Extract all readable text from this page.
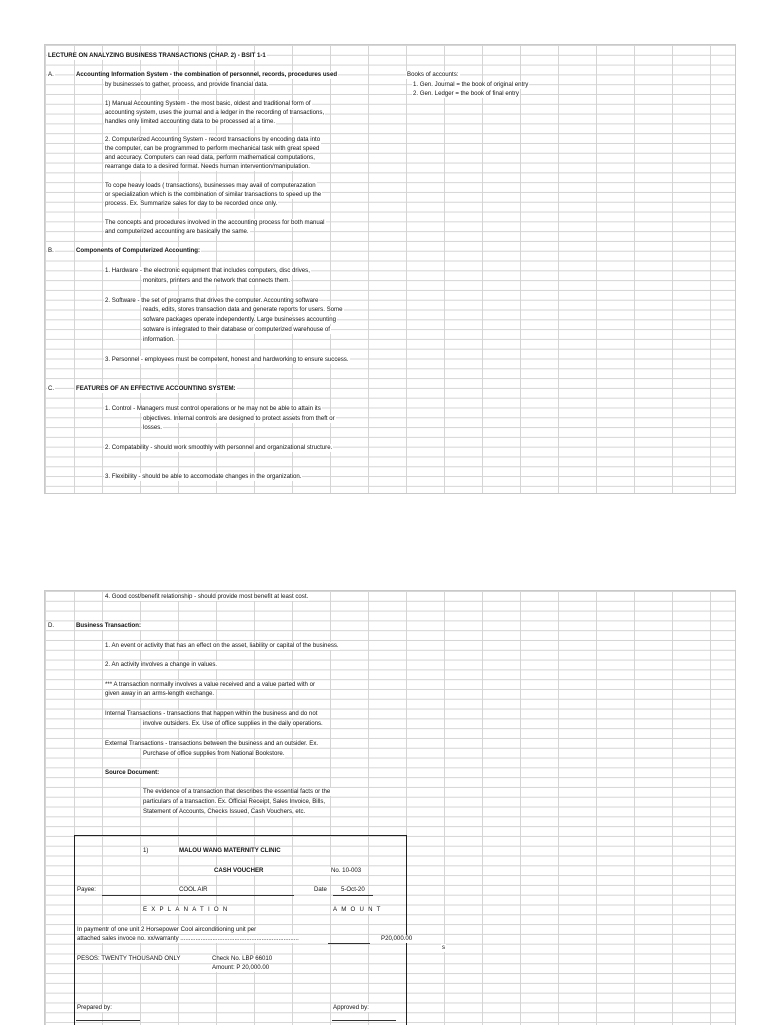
LECTURE ON ANALYZING BUSINESS TRANSACTIONS (CHAP. 2) - BSIT 1-1
A.	Accounting Information System - the combination of personnel, records, procedures used
by businesses to gather, process, and provide financial data.
Books of accounts:
1. Gen. Journal = the book of original entry
2. Gen. Ledger = the book of final entry
1) Manual Accounting System - the most basic, oldest and traditional form of
accounting system, uses the journal and a ledger in the recording of transactions,
handles only limited accounting data to be processed at a time.
2. Computerized Accounting System - record transactions by encoding data into
the computer, can be programmed to perform mechanical task with great speed
and accuracy. Computers can read data, perform mathematical computations,
rearrange data to a desired format. Needs human intervention/manipulation.
To cope heavy loads ( transactions), businesses may avail of computerazation
or specialization which is the combination of similar transactions to speed up the
process. Ex. Summarize sales for day to be recorded once only.
The concepts and procedures involved in the accounting process for both manual
and computerized accounting are basically the same.
B.	Components of Computerized Accounting:
1. Hardware - the electronic equipment that includes computers, disc drives,
monitors, printers and the network that connects them.
2. Software - the set of programs that drives the computer. Accounting software
reads, edits, stores transaction data and generate reports for users. Some
sofware packages operate independently. Large businesses accounting
sotware is integrated to their database or computerized warehouse of
information.
3. Personnel - employees must be competent, honest and hardworking to ensure success.
C.	FEATURES OF AN EFFECTIVE ACCOUNTING SYSTEM:
1. Control - Managers must control operations or he may not be able to attain its
objectives. Internal controls are designed to protect assets from theft or
losses.
2. Compatability - should work smoothly with personnel and organizational structure.
3. Flexibility - should be able to accomodate changes in the organization.
4. Good cost/benefit relationship - should provide most benefit at least cost.
D.	Business Transaction:
1. An event or activity that has an effect on the asset, liability or capital of the business.
2. An activity involves a change in values.
*** A transaction normally involves a value received and a value parted with or
given away in an arms-length exchange.
Internal Transactions - transactions that happen within the business and do not
involve outsiders. Ex. Use of office supplies in the daily operations.
External Transactions - transactions between the business and an outsider. Ex.
Purchase of office supplies from National Bookstore.
Source Document:
The evidence of a transaction that describes the essential facts or the
particulars of a transaction. Ex. Official Receipt, Sales Invoice, Bills,
Statement of Accounts, Checks Issued, Cash Vouchers, etc.
1)	MALOU WANG MATERNITY CLINIC
CASH VOUCHER	No. 10-003
Payee:	COOL AIR	Date 5-Oct-20
EXPLANATION	AMOUNT
In paymentr of one unit 2 Horsepower Cool airconditioning unit per
attached sales invoce no. xx/warranty ......................................................................	P20,000.00
s
PESOS: TWENTY THOUSAND ONLY	Check No. LBP 66010
Amount: P 20,000.00
Prepared by:	Approved by:
